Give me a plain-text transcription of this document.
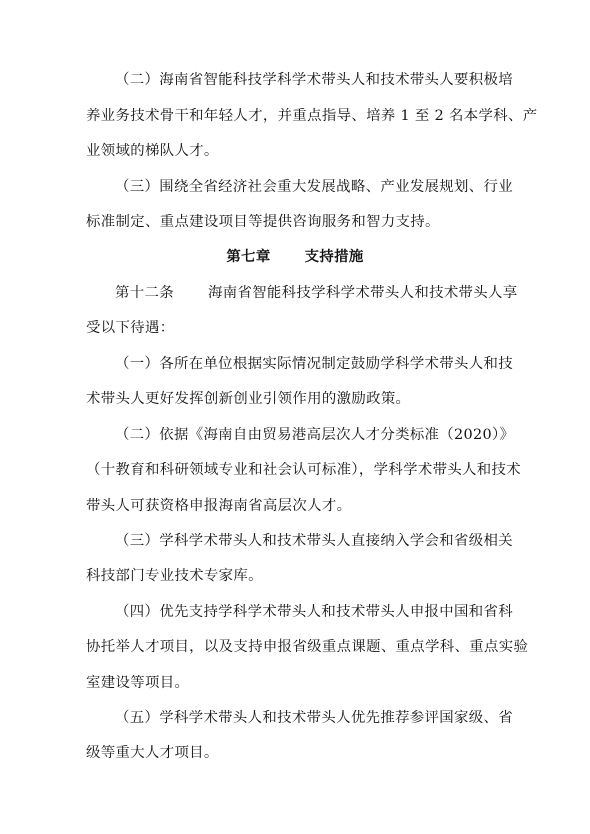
（二）海南省智能科技学科学术带头人和技术带头人要积极培
养业务技术骨干和年轻人才，并重点指导、培养 1 至 2 名本学科、产
业领域的梯队人才。
（三）围绕全省经济社会重大发展战略、产业发展规划、行业
标准制定、重点建设项目等提供咨询服务和智力支持。
第七章 支持措施
第十二条 海南省智能科技学科学术带头人和技术带头人享
受以下待遇：
（一）各所在单位根据实际情况制定鼓励学科学术带头人和技
术带头人更好发挥创新创业引领作用的激励政策。
（二）依据《海南自由贸易港高层次人才分类标准（2020）》
（十教育和科研领域专业和社会认可标准），学科学术带头人和技术
带头人可获资格申报海南省高层次人才。
（三）学科学术带头人和技术带头人直接纳入学会和省级相关
科技部门专业技术专家库。
（四）优先支持学科学术带头人和技术带头人申报中国和省科
协托举人才项目，以及支持申报省级重点课题、重点学科、重点实验
室建设等项目。
（五）学科学术带头人和技术带头人优先推荐参评国家级、省
级等重大人才项目。
